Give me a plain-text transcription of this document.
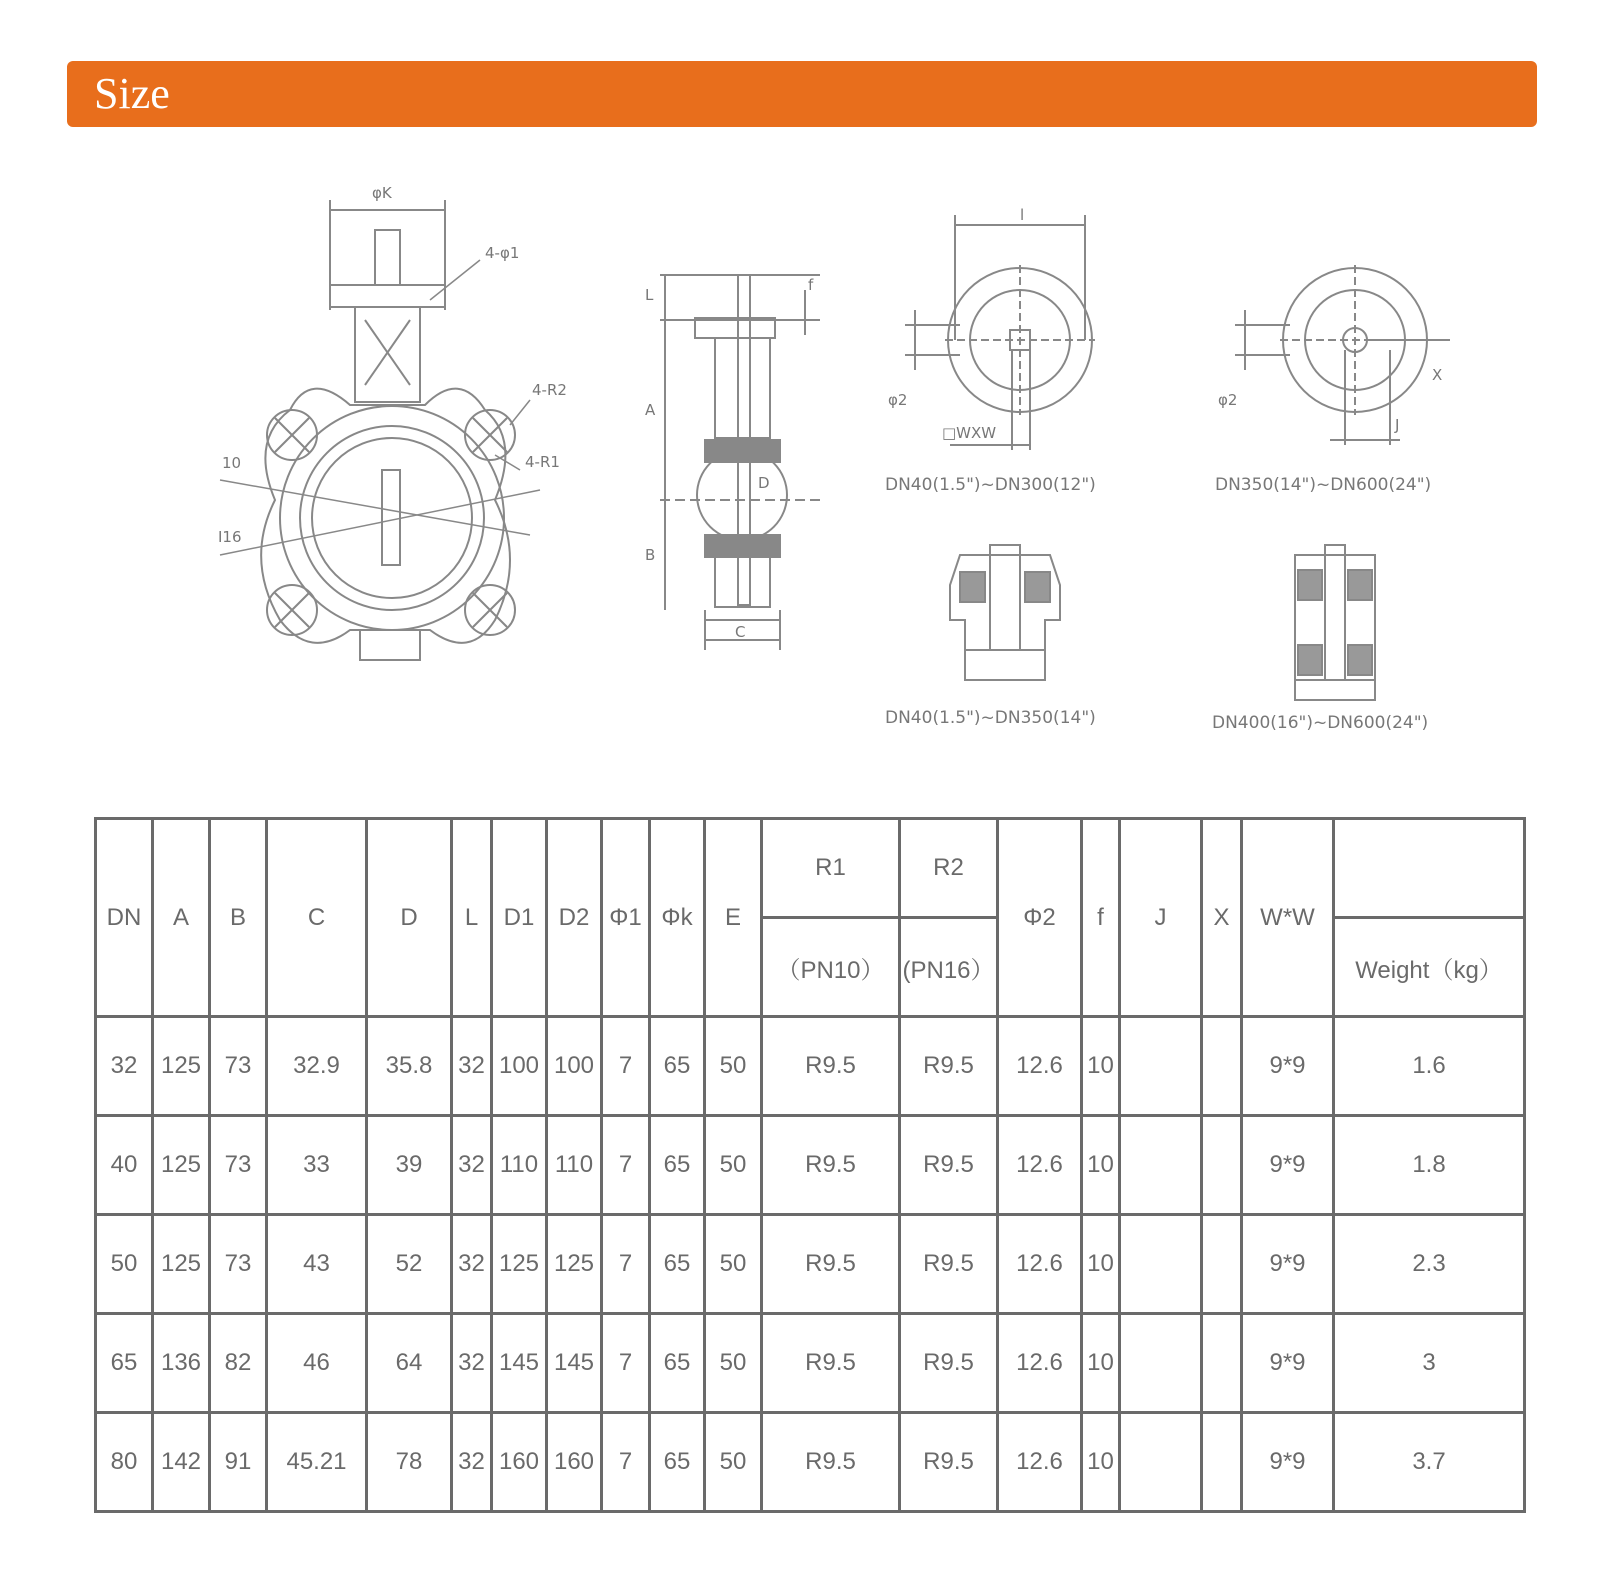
Size
φK
4-φ1
4-R2
4-R1
10
I16
L
f
A
B
D
C
l
φ2
□WXW
DN40(1.5")~DN300(12")
φ2
X
J
DN350(14")~DN600(24")
DN40(1.5")~DN350(14")	DN400(16")~DN600(24")
DN	A	B	C	D	L	D1	D2	Φ1	Φk	E	R1	R2	Φ2	f	J	X	W*W	
											（PN10）	(PN16）						Weight（kg）
32	125	73	32.9	35.8	32	100	100	7	65	50	R9.5	R9.5	12.6	10			9*9	1.6
40	125	73	33	39	32	110	110	7	65	50	R9.5	R9.5	12.6	10			9*9	1.8
50	125	73	43	52	32	125	125	7	65	50	R9.5	R9.5	12.6	10			9*9	2.3
65	136	82	46	64	32	145	145	7	65	50	R9.5	R9.5	12.6	10			9*9	3
80	142	91	45.21	78	32	160	160	7	65	50	R9.5	R9.5	12.6	10			9*9	3.7
